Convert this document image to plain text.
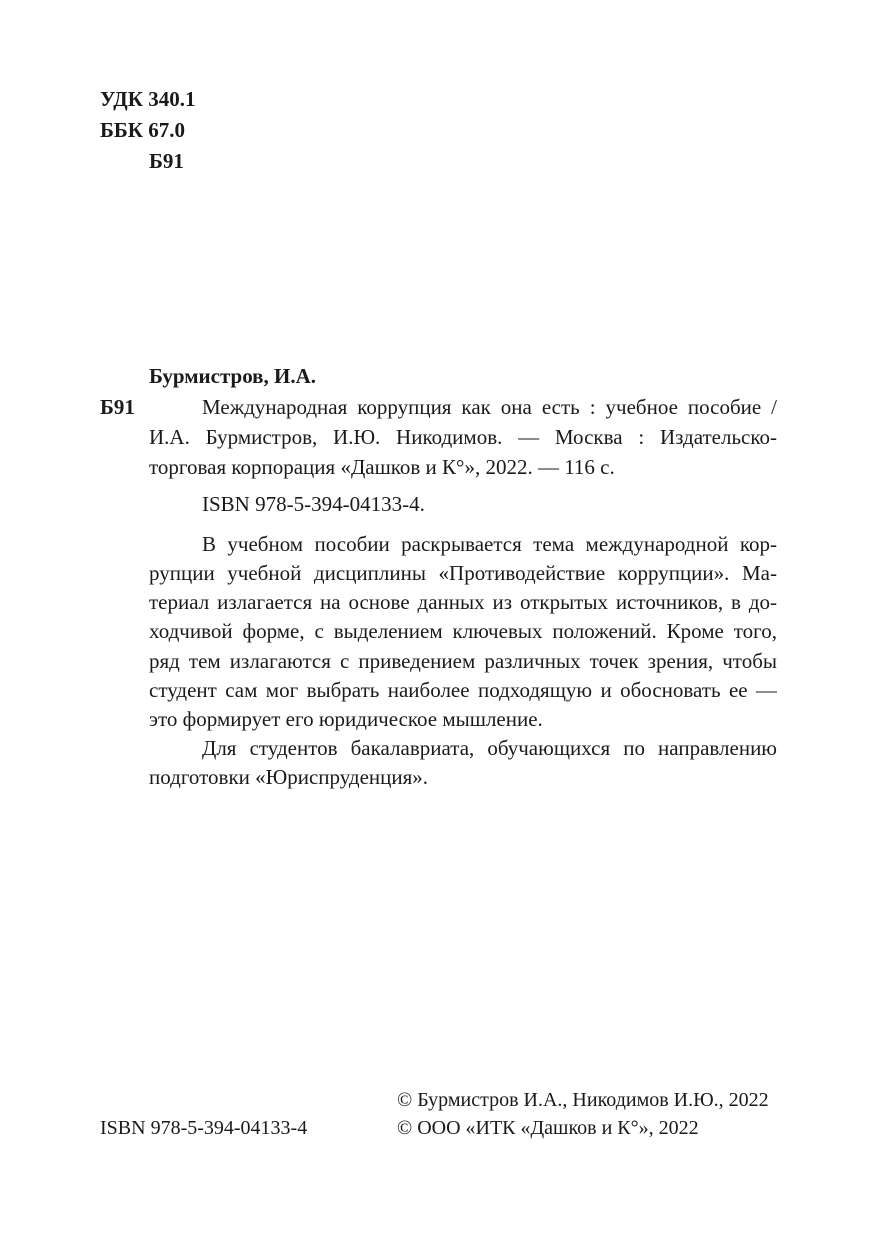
УДК 340.1
ББК 67.0
Б91
Бурмистров, И.А.
Б91	Международная коррупция как она есть : учебное пособие /
И.А. Бурмистров, И.Ю. Никодимов. — Москва : Издательско-
торговая корпорация «Дашков и К°», 2022. — 116 с.
ISBN 978-5-394-04133-4.
В учебном пособии раскрывается тема международной кор-
рупции учебной дисциплины «Противодействие коррупции». Ма-
териал излагается на основе данных из открытых источников, в до-
ходчивой форме, с выделением ключевых положений. Кроме того,
ряд тем излагаются с приведением различных точек зрения, чтобы
студент сам мог выбрать наиболее подходящую и обосновать ее —
это формирует его юридическое мышление.
Для студентов бакалавриата, обучающихся по направлению
подготовки «Юриспруденция».
© Бурмистров И.А., Никодимов И.Ю., 2022
ISBN 978-5-394-04133-4	© ООО «ИТК «Дашков и К°», 2022
